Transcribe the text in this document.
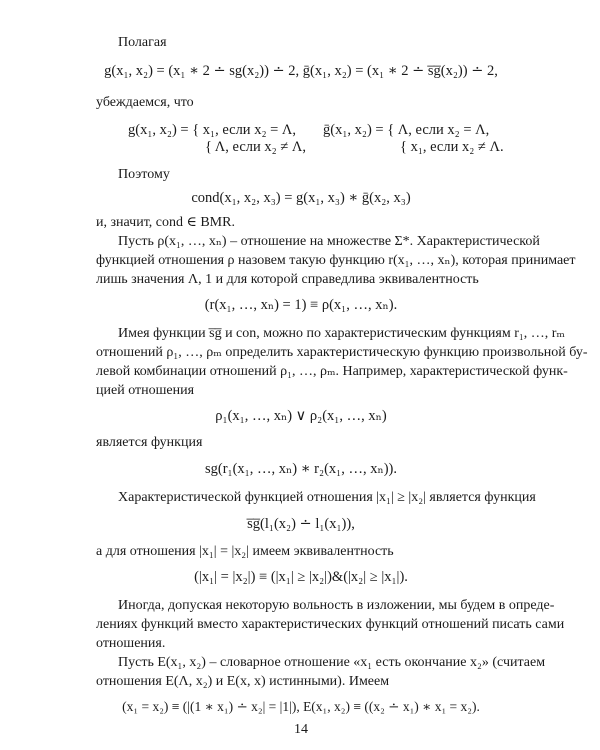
Полагая
g(x₁, x₂) = (x₁ ∗ 2 ∸ sg(x₂)) ∸ 2, ḡ(x₁, x₂) = (x₁ ∗ 2 ∸ s̅g̅(x₂)) ∸ 2,
убеждаемся, что
g(x₁, x₂) = { x₁, если x₂ = Λ,
{ Λ, если x₂ ≠ Λ,
ḡ(x₁, x₂) = { Λ, если x₂ = Λ,
{ x₁, если x₂ ≠ Λ.
Поэтому
cond(x₁, x₂, x₃) = g(x₁, x₃) ∗ ḡ(x₂, x₃)
и, значит, cond ∈ BMR.
Пусть ρ(x₁, …, xₙ) – отношение на множестве Σ*. Характеристической
функцией отношения ρ назовем такую функцию r(x₁, …, xₙ), которая принимает
лишь значения Λ, 1 и для которой справедлива эквивалентность
(r(x₁, …, xₙ) = 1) ≡ ρ(x₁, …, xₙ).
Имея функции s̅g̅ и con, можно по характеристическим функциям r₁, …, rₘ
отношений ρ₁, …, ρₘ определить характеристическую функцию произвольной бу-
левой комбинации отношений ρ₁, …, ρₘ. Например, характеристической функ-
цией отношения
ρ₁(x₁, …, xₙ) ∨ ρ₂(x₁, …, xₙ)
является функция
sg(r₁(x₁, …, xₙ) ∗ r₂(x₁, …, xₙ)).
Характеристической функцией отношения |x₁| ≥ |x₂| является функция
s̅g̅(l₁(x₂) ∸ l₁(x₁)),
а для отношения |x₁| = |x₂| имеем эквивалентность
(|x₁| = |x₂|) ≡ (|x₁| ≥ |x₂|)&(|x₂| ≥ |x₁|).
Иногда, допуская некоторую вольность в изложении, мы будем в опреде-
лениях функций вместо характеристических функций отношений писать сами
отношения.
Пусть E(x₁, x₂) – словарное отношение «x₁ есть окончание x₂» (считаем
отношения E(Λ, x₂) и E(x, x) истинными). Имеем
(x₁ = x₂) ≡ (|(1 ∗ x₁) ∸ x₂| = |1|), E(x₁, x₂) ≡ ((x₂ ∸ x₁) ∗ x₁ = x₂).
14
